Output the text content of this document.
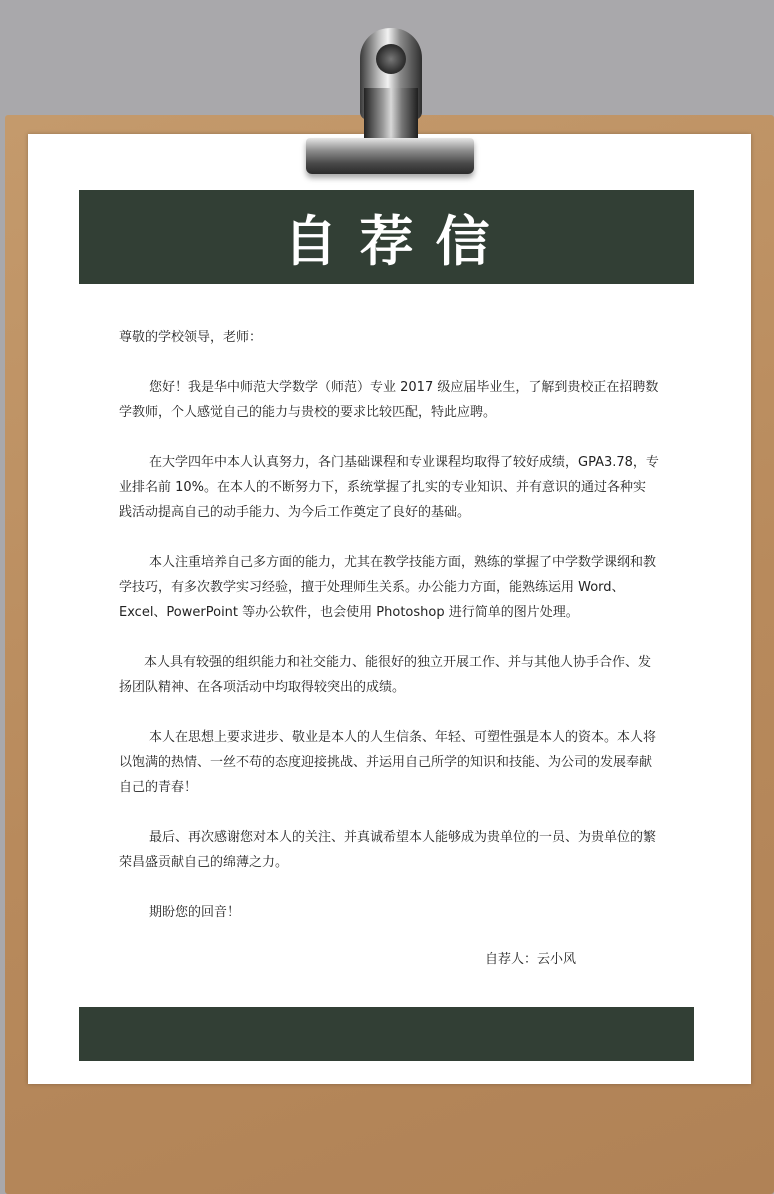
自荐信

尊敬的学校领导，老师：

您好！我是华中师范大学数学（师范）专业 2017 级应届毕业生，了解到贵校正在招聘数学教师，个人感觉自己的能力与贵校的要求比较匹配，特此应聘。

在大学四年中本人认真努力，各门基础课程和专业课程均取得了较好成绩，GPA3.78，专业排名前 10%。在本人的不断努力下，系统掌握了扎实的专业知识、并有意识的通过各种实践活动提高自己的动手能力、为今后工作奠定了良好的基础。

本人注重培养自己多方面的能力，尤其在教学技能方面，熟练的掌握了中学数学课纲和教学技巧，有多次教学实习经验，擅于处理师生关系。办公能力方面，能熟练运用 Word、Excel、PowerPoint 等办公软件，也会使用 Photoshop 进行简单的图片处理。

本人具有较强的组织能力和社交能力、能很好的独立开展工作、并与其他人协手合作、发扬团队精神、在各项活动中均取得较突出的成绩。

本人在思想上要求进步、敬业是本人的人生信条、年轻、可塑性强是本人的资本。本人将以饱满的热情、一丝不苟的态度迎接挑战、并运用自己所学的知识和技能、为公司的发展奉献自己的青春！

最后、再次感谢您对本人的关注、并真诚希望本人能够成为贵单位的一员、为贵单位的繁荣昌盛贡献自己的绵薄之力。

期盼您的回音！

自荐人：云小风
